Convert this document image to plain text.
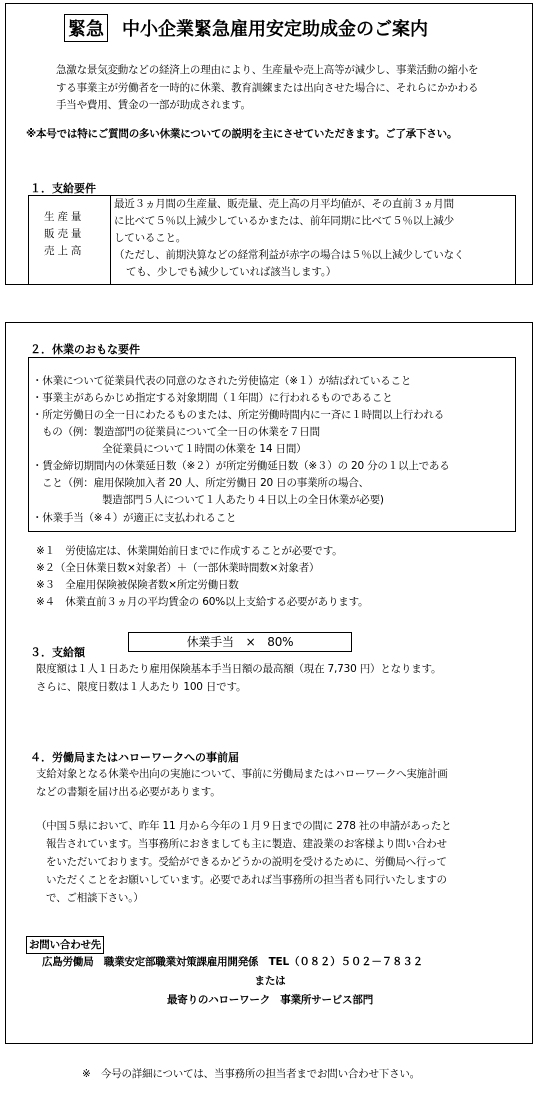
緊急 中小企業緊急雇用安定助成金のご案内
急激な景気変動などの経済上の理由により、生産量や売上高等が減少し、事業活動の縮小を
する事業主が労働者を一時的に休業、教育訓練または出向させた場合に、それらにかかわる
手当や費用、賃金の一部が助成されます。
※本号では特にご質問の多い休業についての説明を主にさせていただきます。ご了承下さい。
１．支給要件
生 産 量
販 売 量
売 上 高
最近３ヵ月間の生産量、販売量、売上高の月平均値が、その直前３ヵ月間
に比べて５％以上減少しているかまたは、前年同期に比べて５％以上減少
していること。
（ただし、前期決算などの経常利益が赤字の場合は５％以上減少していなく
ても、少しでも減少していれば該当します。）
２．休業のおもな要件
・休業について従業員代表の同意のなされた労使協定（※１）が結ばれていること
・事業主があらかじめ指定する対象期間（１年間）に行われるものであること
・所定労働日の全一日にわたるものまたは、所定労働時間内に一斉に１時間以上行われる
もの（例：製造部門の従業員について全一日の休業を７日間
全従業員について１時間の休業を 14 日間）
・賃金締切期間内の休業延日数（※２）が所定労働延日数（※３）の 20 分の１以上である
こと（例：雇用保険加入者 20 人、所定労働日 20 日の事業所の場合、
製造部門５人について１人あたり４日以上の全日休業が必要)
・休業手当（※４）が適正に支払われること
※１　労使協定は、休業開始前日までに作成することが必要です。
※２（全日休業日数×対象者）＋（一部休業時間数×対象者）
※３　全雇用保険被保険者数×所定労働日数
※４　休業直前３ヵ月の平均賃金の 60%以上支給する必要があります。
３．支給額
休業手当　×　80%
限度額は１人１日あたり雇用保険基本手当日額の最高額（現在 7,730 円）となります。
さらに、限度日数は１人あたり 100 日です。
４．労働局またはハローワークへの事前届
支給対象となる休業や出向の実施について、事前に労働局またはハローワークへ実施計画
などの書類を届け出る必要があります。
（中国５県において、昨年 11 月から今年の１月９日までの間に 278 社の申請があったと
報告されています。当事務所におきましても主に製造、建設業のお客様より問い合わせ
をいただいております。受給ができるかどうかの説明を受けるために、労働局へ行って
いただくことをお願いしています。必要であれば当事務所の担当者も同行いたしますの
で、ご相談下さい。）
お問い合わせ先
広島労働局　職業安定部職業対策課雇用開発係　TEL（０８２）５０２－７８３２
または
最寄りのハローワーク　事業所サービス部門
※　今号の詳細については、当事務所の担当者までお問い合わせ下さい。
